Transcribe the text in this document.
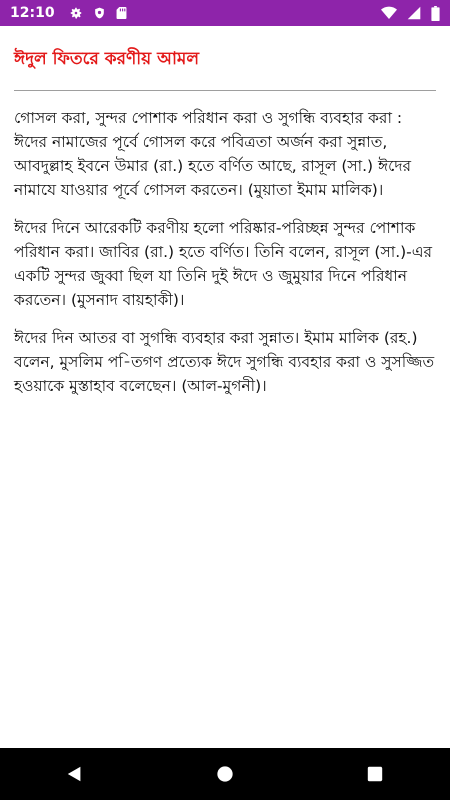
12:10
ঈদুল ফিতরে করণীয় আমল

গোসল করা, সুন্দর পোশাক পরিধান করা ও সুগন্ধি ব্যবহার করা : ঈদের নামাজের পূর্বে গোসল করে পবিত্রতা অর্জন করা সুন্নাত, আবদুল্লাহ ইবনে উমার (রা.) হতে বর্ণিত আছে, রাসূল (সা.) ঈদের নামাযে যাওয়ার পূর্বে গোসল করতেন। (মুয়াতা ইমাম মালিক)।

ঈদের দিনে আরেকটি করণীয় হলো পরিষ্কার-পরিচ্ছন্ন সুন্দর পোশাক পরিধান করা। জাবির (রা.) হতে বর্ণিত। তিনি বলেন, রাসূল (সা.)-এর একটি সুন্দর জুব্বা ছিল যা তিনি দুই ঈদে ও জুমুয়ার দিনে পরিধান করতেন। (মুসনাদ বায়হাকী)।

ঈদের দিন আতর বা সুগন্ধি ব্যবহার করা সুন্নাত। ইমাম মালিক (রহ.) বলেন, মুসলিম প-িতগণ প্রত্যেক ঈদে সুগন্ধি ব্যবহার করা ও সুসজ্জিত হওয়াকে মুস্তাহাব বলেছেন। (আল-মুগনী)।
